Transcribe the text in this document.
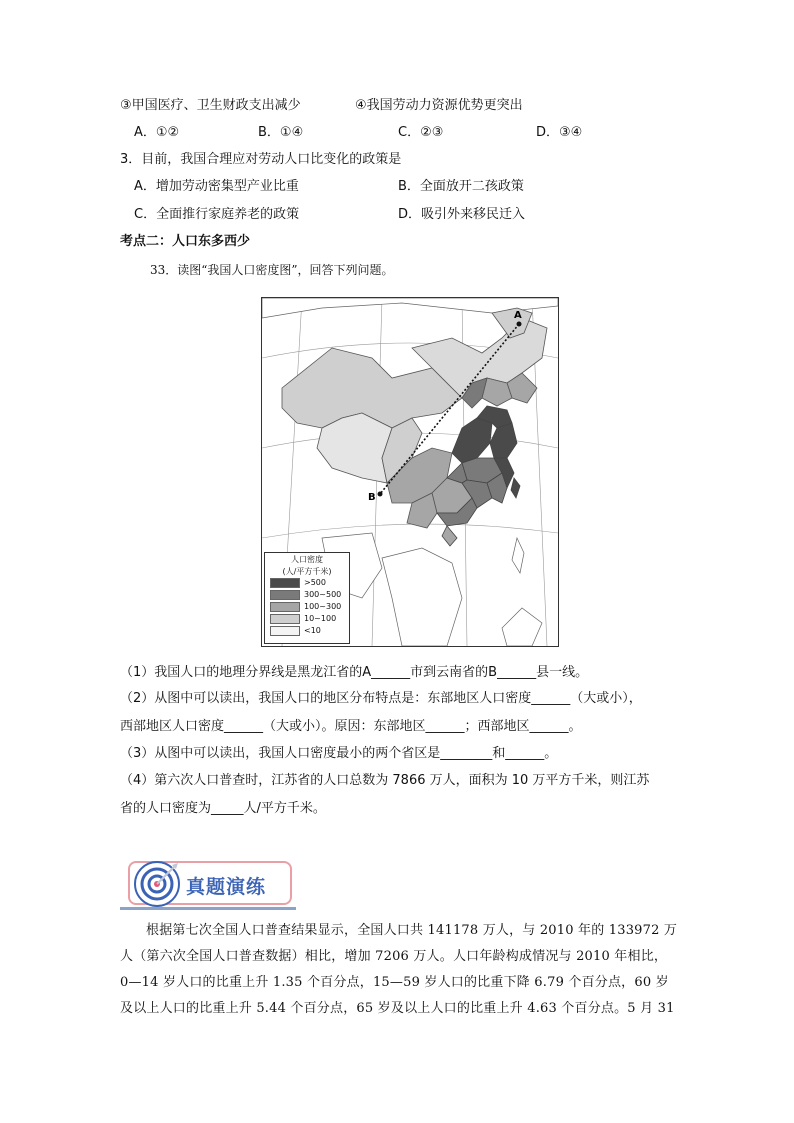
③甲国医疗、卫生财政支出减少	④我国劳动力资源优势更突出
A．①②	B．①④	C．②③	D．③④
3．目前，我国合理应对劳动人口比变化的政策是
A．增加劳动密集型产业比重	B．全面放开二孩政策
C．全面推行家庭养老的政策	D．吸引外来移民迁入
考点二：人口东多西少
33．读图“我国人口密度图”，回答下列问题。
A
B
人口密度
(人/平方千米)
>500
300~500
100~300
10~100
<10
（1）我国人口的地理分界线是黑龙江省的A______市到云南省的B______县一线。
（2）从图中可以读出，我国人口的地区分布特点是：东部地区人口密度______（大或小），
西部地区人口密度______（大或小）。原因：东部地区______；西部地区______。
（3）从图中可以读出，我国人口密度最小的两个省区是________和______。
（4）第六次人口普查时，江苏省的人口总数为 7866 万人，面积为 10 万平方千米，则江苏
省的人口密度为_____人/平方千米。
真题演练
根据第七次全国人口普查结果显示，全国人口共 141178 万人，与 2010 年的 133972 万
人（第六次全国人口普查数据）相比，增加 7206 万人。人口年龄构成情况与 2010 年相比，
0—14 岁人口的比重上升 1.35 个百分点，15—59 岁人口的比重下降 6.79 个百分点，60 岁
及以上人口的比重上升 5.44 个百分点，65 岁及以上人口的比重上升 4.63 个百分点。5 月 31
